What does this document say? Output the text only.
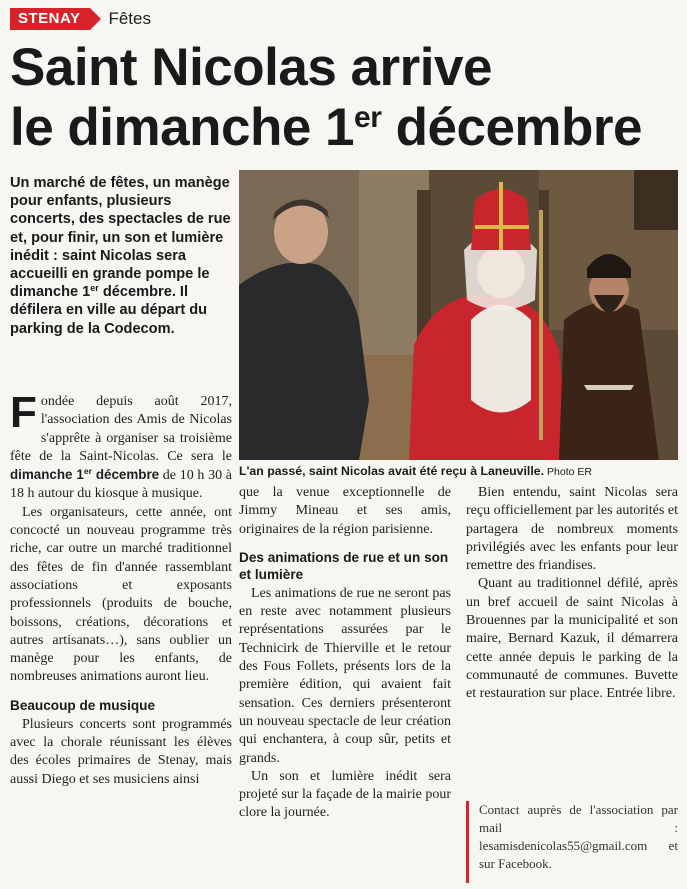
STENAY	Fêtes
Saint Nicolas arrive
le dimanche 1er décembre

Un marché de fêtes, un manège pour enfants, plusieurs concerts, des spectacles de rue et, pour finir, un son et lumière inédit : saint Nicolas sera accueilli en grande pompe le dimanche 1er décembre. Il défilera en ville au départ du parking de la Codecom.

L'an passé, saint Nicolas avait été reçu à Laneuville. Photo ER

Fondée depuis août 2017, l'association des Amis de Nicolas s'apprête à organiser sa troisième fête de la Saint-Nicolas. Ce sera le dimanche 1er décembre de 10 h 30 à 18 h autour du kiosque à musique.

Les organisateurs, cette année, ont concocté un nouveau programme très riche, car outre un marché traditionnel des fêtes de fin d'année rassemblant associations et exposants professionnels (produits de bouche, boissons, créations, décorations et autres artisanats…), sans oublier un manège pour les enfants, de nombreuses animations auront lieu.

Beaucoup de musique

Plusieurs concerts sont programmés avec la chorale réunissant les élèves des écoles primaires de Stenay, mais aussi Diego et ses musiciens ainsi

que la venue exceptionnelle de Jimmy Mineau et ses amis, originaires de la région parisienne.

Des animations de rue et un son et lumière

Les animations de rue ne seront pas en reste avec notamment plusieurs représentations assurées par le Technicirk de Thierville et le retour des Fous Follets, présents lors de la première édition, qui avaient fait sensation. Ces derniers présenteront un nouveau spectacle de leur création qui enchantera, à coup sûr, petits et grands.

Un son et lumière inédit sera projeté sur la façade de la mairie pour clore la journée.

Bien entendu, saint Nicolas sera reçu officiellement par les autorités et partagera de nombreux moments privilégiés avec les enfants pour leur remettre des friandises.

Quant au traditionnel défilé, après un bref accueil de saint Nicolas à Brouennes par la municipalité et son maire, Bernard Kazuk, il démarrera cette année depuis le parking de la communauté de communes. Buvette et restauration sur place. Entrée libre.

Contact auprès de l'association par mail : lesamisdenicolas55@gmail.com et sur Facebook.
